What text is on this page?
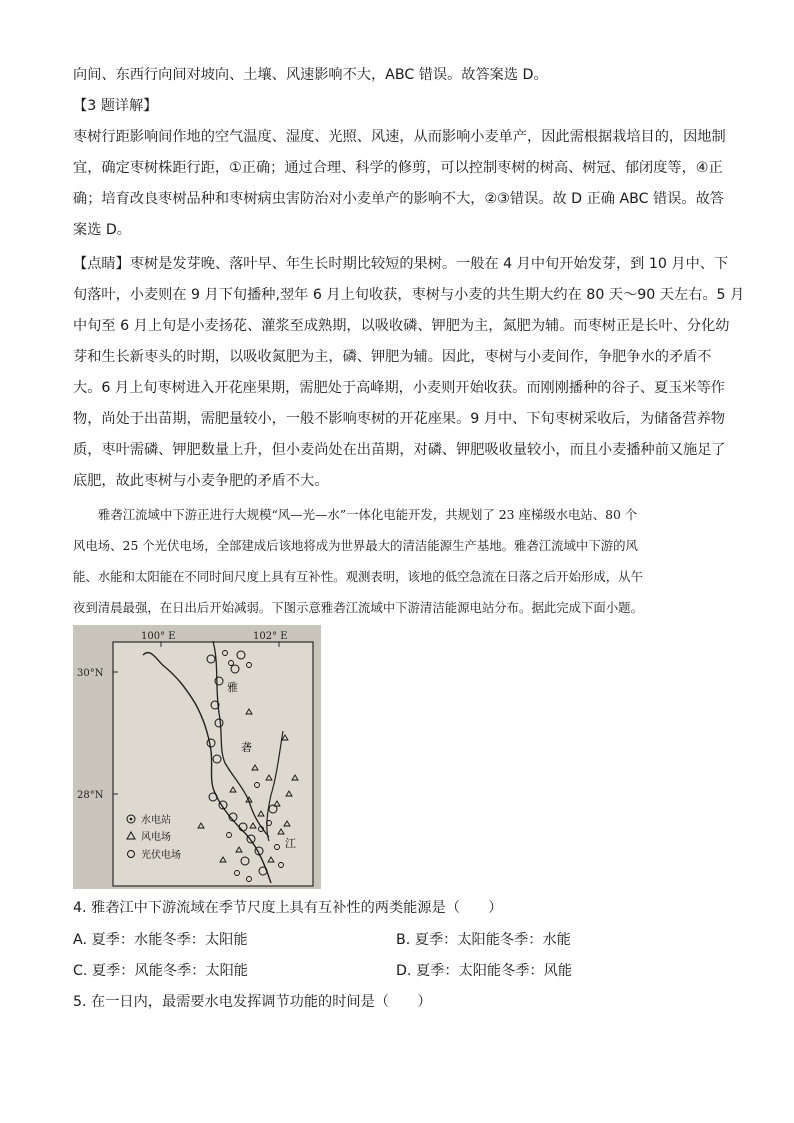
向间、东西行向间对坡向、土壤、风速影响不大，ABC 错误。故答案选 D。
【3 题详解】
枣树行距影响间作地的空气温度、湿度、光照、风速，从而影响小麦单产，因此需根据栽培目的，因地制
宜，确定枣树株距行距，①正确；通过合理、科学的修剪，可以控制枣树的树高、树冠、郁闭度等，④正
确；培育改良枣树品种和枣树病虫害防治对小麦单产的影响不大，②③错误。故 D 正确 ABC 错误。故答
案选 D。
【点睛】枣树是发芽晚、落叶早、年生长时期比较短的果树。一般在 4 月中旬开始发芽，到 10 月中、下
旬落叶，小麦则在 9 月下旬播种,翌年 6 月上旬收获，枣树与小麦的共生期大约在 80 天～90 天左右。5 月
中旬至 6 月上旬是小麦扬花、灌浆至成熟期，以吸收磷、钾肥为主，氮肥为辅。而枣树正是长叶、分化幼
芽和生长新枣头的时期，以吸收氮肥为主，磷、钾肥为辅。因此，枣树与小麦间作，争肥争水的矛盾不
大。6 月上旬枣树进入开花座果期，需肥处于高峰期，小麦则开始收获。而刚刚播种的谷子、夏玉米等作
物，尚处于出苗期，需肥量较小，一般不影响枣树的开花座果。9 月中、下旬枣树采收后，为储备营养物
质，枣叶需磷、钾肥数量上升，但小麦尚处在出苗期，对磷、钾肥吸收量较小，而且小麦播种前又施足了
底肥，故此枣树与小麦争肥的矛盾不大。
雅砻江流域中下游正进行大规模“风—光—水”一体化电能开发，共规划了 23 座梯级水电站、80 个
风电场、25 个光伏电场，全部建成后该地将成为世界最大的清洁能源生产基地。雅砻江流域中下游的风
能、水能和太阳能在不同时间尺度上具有互补性。观测表明，该地的低空急流在日落之后开始形成，从午
夜到清晨最强，在日出后开始减弱。下图示意雅砻江流域中下游清洁能源电站分布。据此完成下面小题。
100° E	102° E
30°N
28°N
雅
砻
江
水电站
风电场
光伏电场
4. 雅砻江中下游流域在季节尺度上具有互补性的两类能源是（　　）
A. 夏季：水能冬季：太阳能	B. 夏季：太阳能冬季：水能
C. 夏季：风能冬季：太阳能	D. 夏季：太阳能冬季：风能
5. 在一日内，最需要水电发挥调节功能的时间是（　　）
